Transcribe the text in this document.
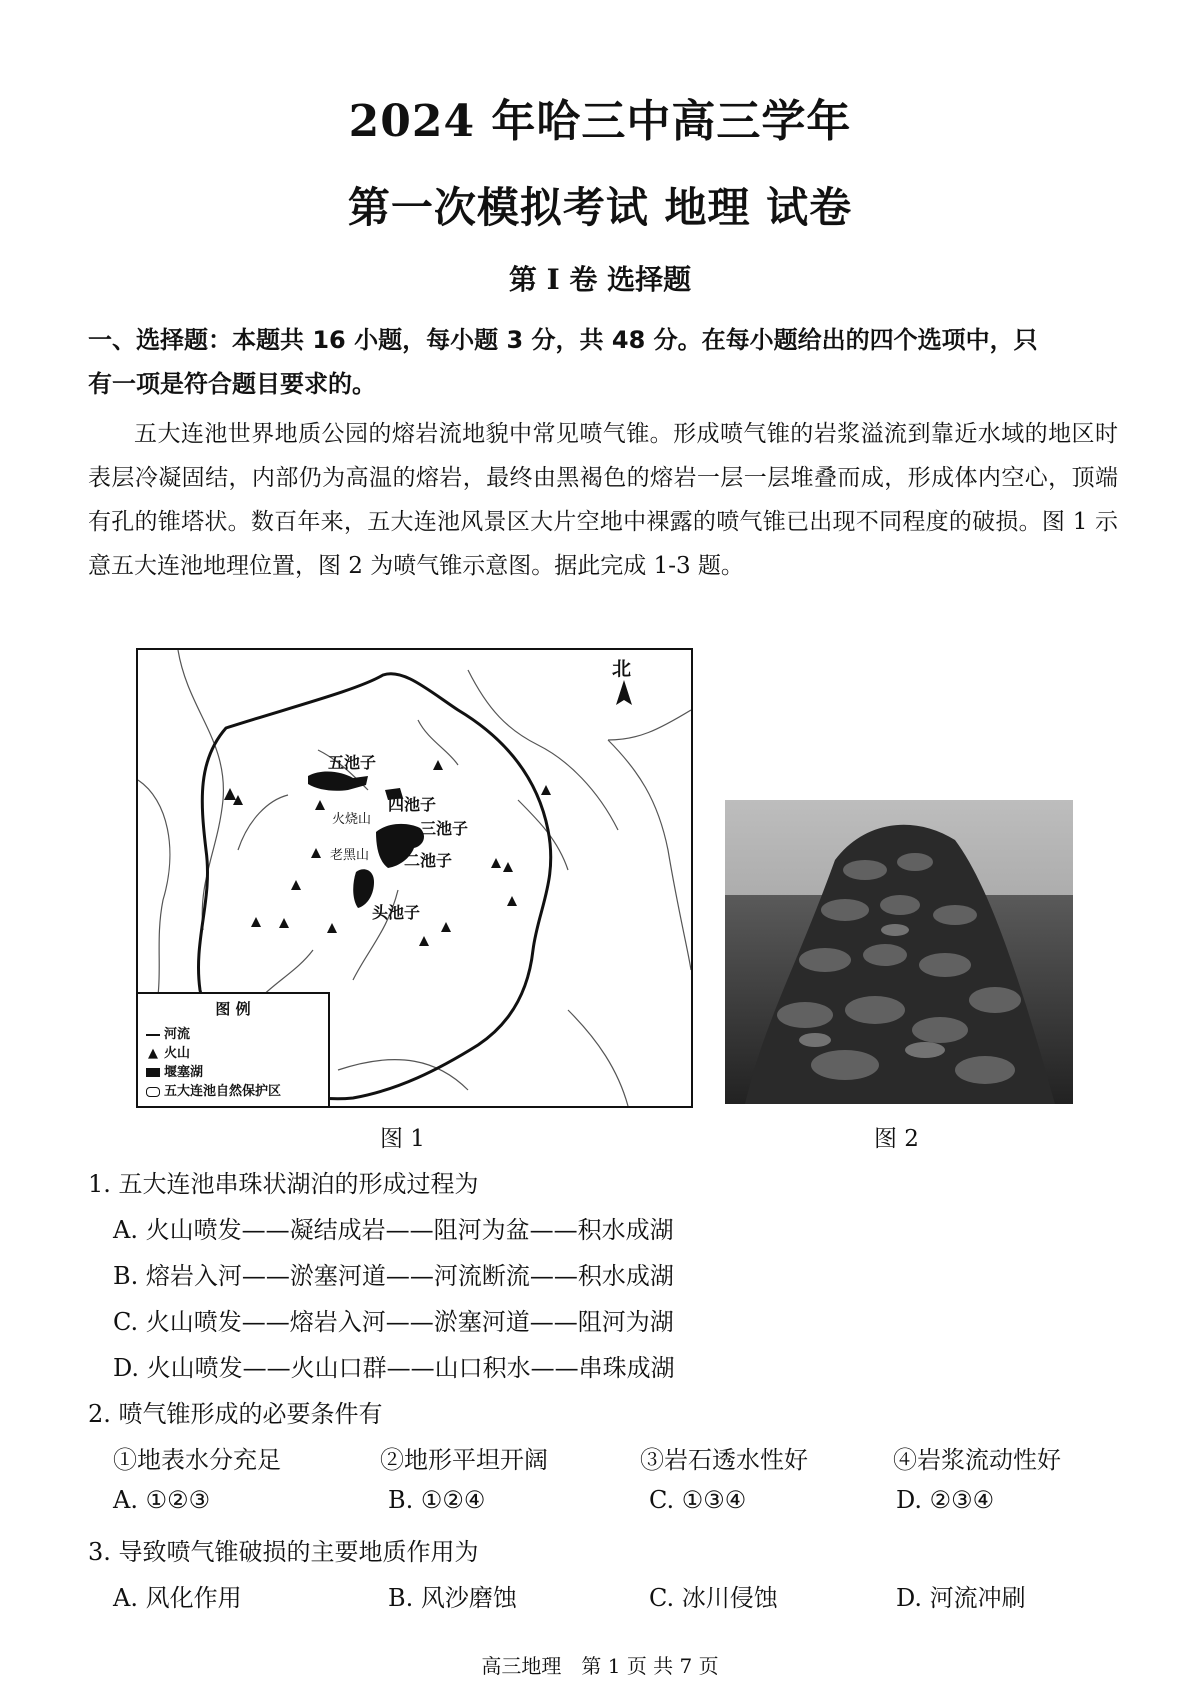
2024 年哈三中高三学年
第一次模拟考试 地理 试卷
第 I 卷 选择题
一、选择题：本题共 16 小题，每小题 3 分，共 48 分。在每小题给出的四个选项中，只
有一项是符合题目要求的。
五大连池世界地质公园的熔岩流地貌中常见喷气锥。形成喷气锥的岩浆溢流到靠近水域的地区时表层冷凝固结，内部仍为高温的熔岩，最终由黑褐色的熔岩一层一层堆叠而成，形成体内空心，顶端有孔的锥塔状。数百年来，五大连池风景区大片空地中裸露的喷气锥已出现不同程度的破损。图 1 示意五大连池地理位置，图 2 为喷气锥示意图。据此完成 1-3 题。
北
五池子
四池子
三池子
二池子
头池子
火烧山
老黑山
图 例
河流
▲ 火山
堰塞湖
五大连池自然保护区
图 1	图 2
1. 五大连池串珠状湖泊的形成过程为
A. 火山喷发——凝结成岩——阻河为盆——积水成湖
B. 熔岩入河——淤塞河道——河流断流——积水成湖
C. 火山喷发——熔岩入河——淤塞河道——阻河为湖
D. 火山喷发——火山口群——山口积水——串珠成湖
2. 喷气锥形成的必要条件有
①地表水分充足	②地形平坦开阔	③岩石透水性好	④岩浆流动性好
A. ①②③	B. ①②④	C. ①③④	D. ②③④
3. 导致喷气锥破损的主要地质作用为
A. 风化作用	B. 风沙磨蚀	C. 冰川侵蚀	D. 河流冲刷
高三地理　第 1 页 共 7 页
